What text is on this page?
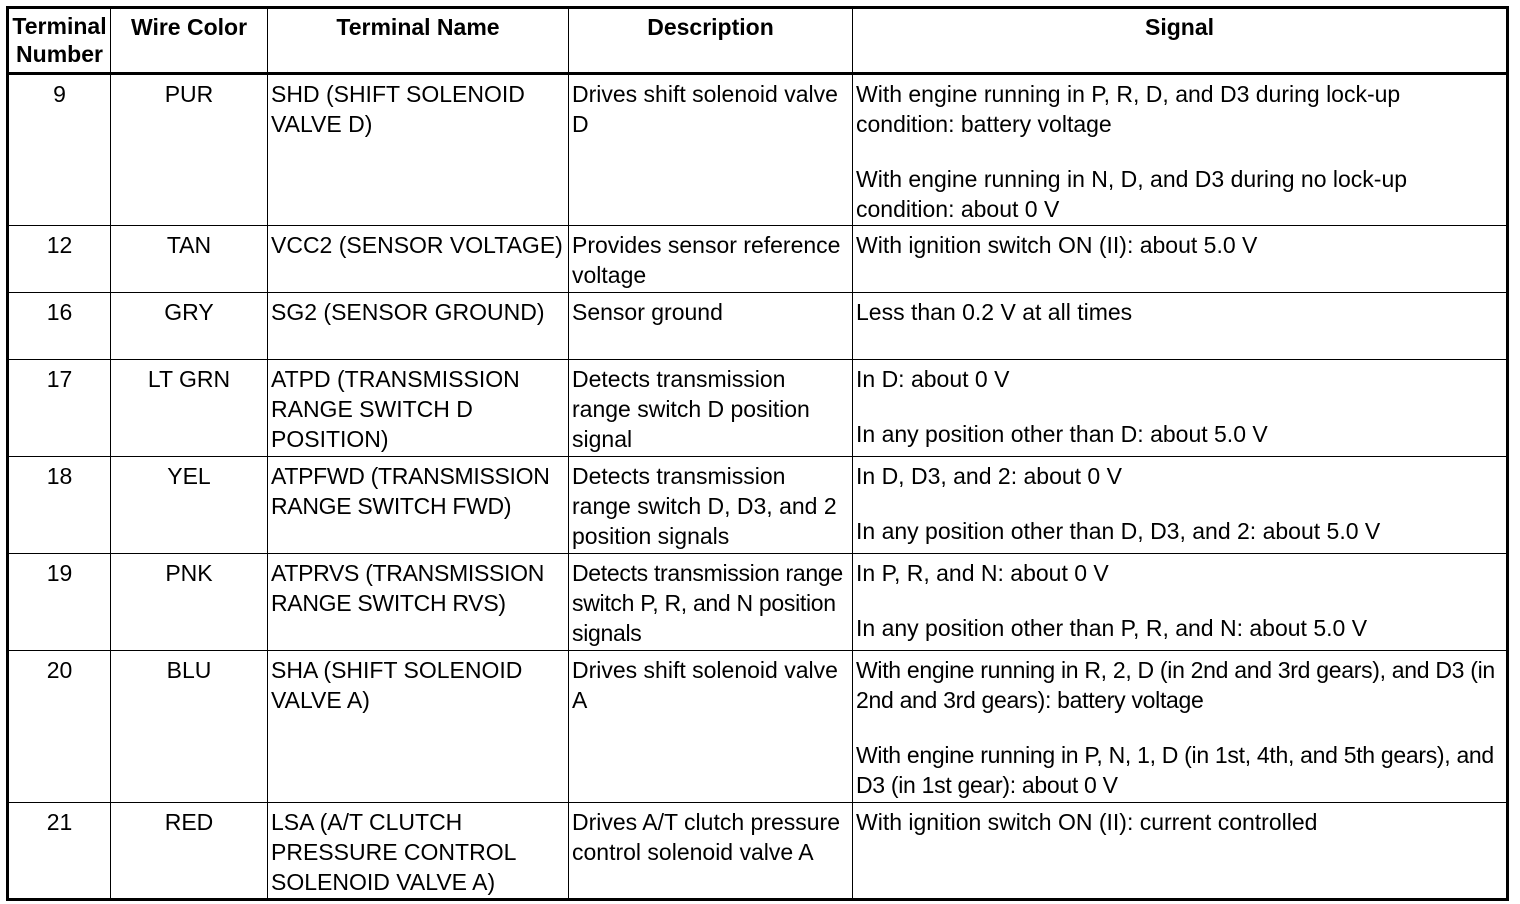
Terminal Number	Wire Color	Terminal Name	Description	Signal
9	PUR	SHD (SHIFT SOLENOID VALVE D)	Drives shift solenoid valve D	With engine running in P, R, D, and D3 during lock-up condition: battery voltage

With engine running in N, D, and D3 during no lock-up condition: about 0 V

12	TAN	VCC2 (SENSOR VOLTAGE)	Provides sensor reference voltage	With ignition switch ON (II): about 5.0 V

16	GRY	SG2 (SENSOR GROUND)	Sensor ground	Less than 0.2 V at all times

17	LT GRN	ATPD (TRANSMISSION RANGE SWITCH D POSITION)	Detects transmission range switch D position signal	In D: about 0 V

In any position other than D: about 5.0 V

18	YEL	ATPFWD (TRANSMISSION RANGE SWITCH FWD)	Detects transmission range switch D, D3, and 2 position signals	In D, D3, and 2: about 0 V

In any position other than D, D3, and 2: about 5.0 V

19	PNK	ATPRVS (TRANSMISSION RANGE SWITCH RVS)	Detects transmission range switch P, R, and N position signals	In P, R, and N: about 0 V

In any position other than P, R, and N: about 5.0 V

20	BLU	SHA (SHIFT SOLENOID VALVE A)	Drives shift solenoid valve A	With engine running in R, 2, D (in 2nd and 3rd gears), and D3 (in 2nd and 3rd gears): battery voltage

With engine running in P, N, 1, D (in 1st, 4th, and 5th gears), and D3 (in 1st gear): about 0 V

21	RED	LSA (A/T CLUTCH PRESSURE CONTROL SOLENOID VALVE A)	Drives A/T clutch pressure control solenoid valve A	With ignition switch ON (II): current controlled
